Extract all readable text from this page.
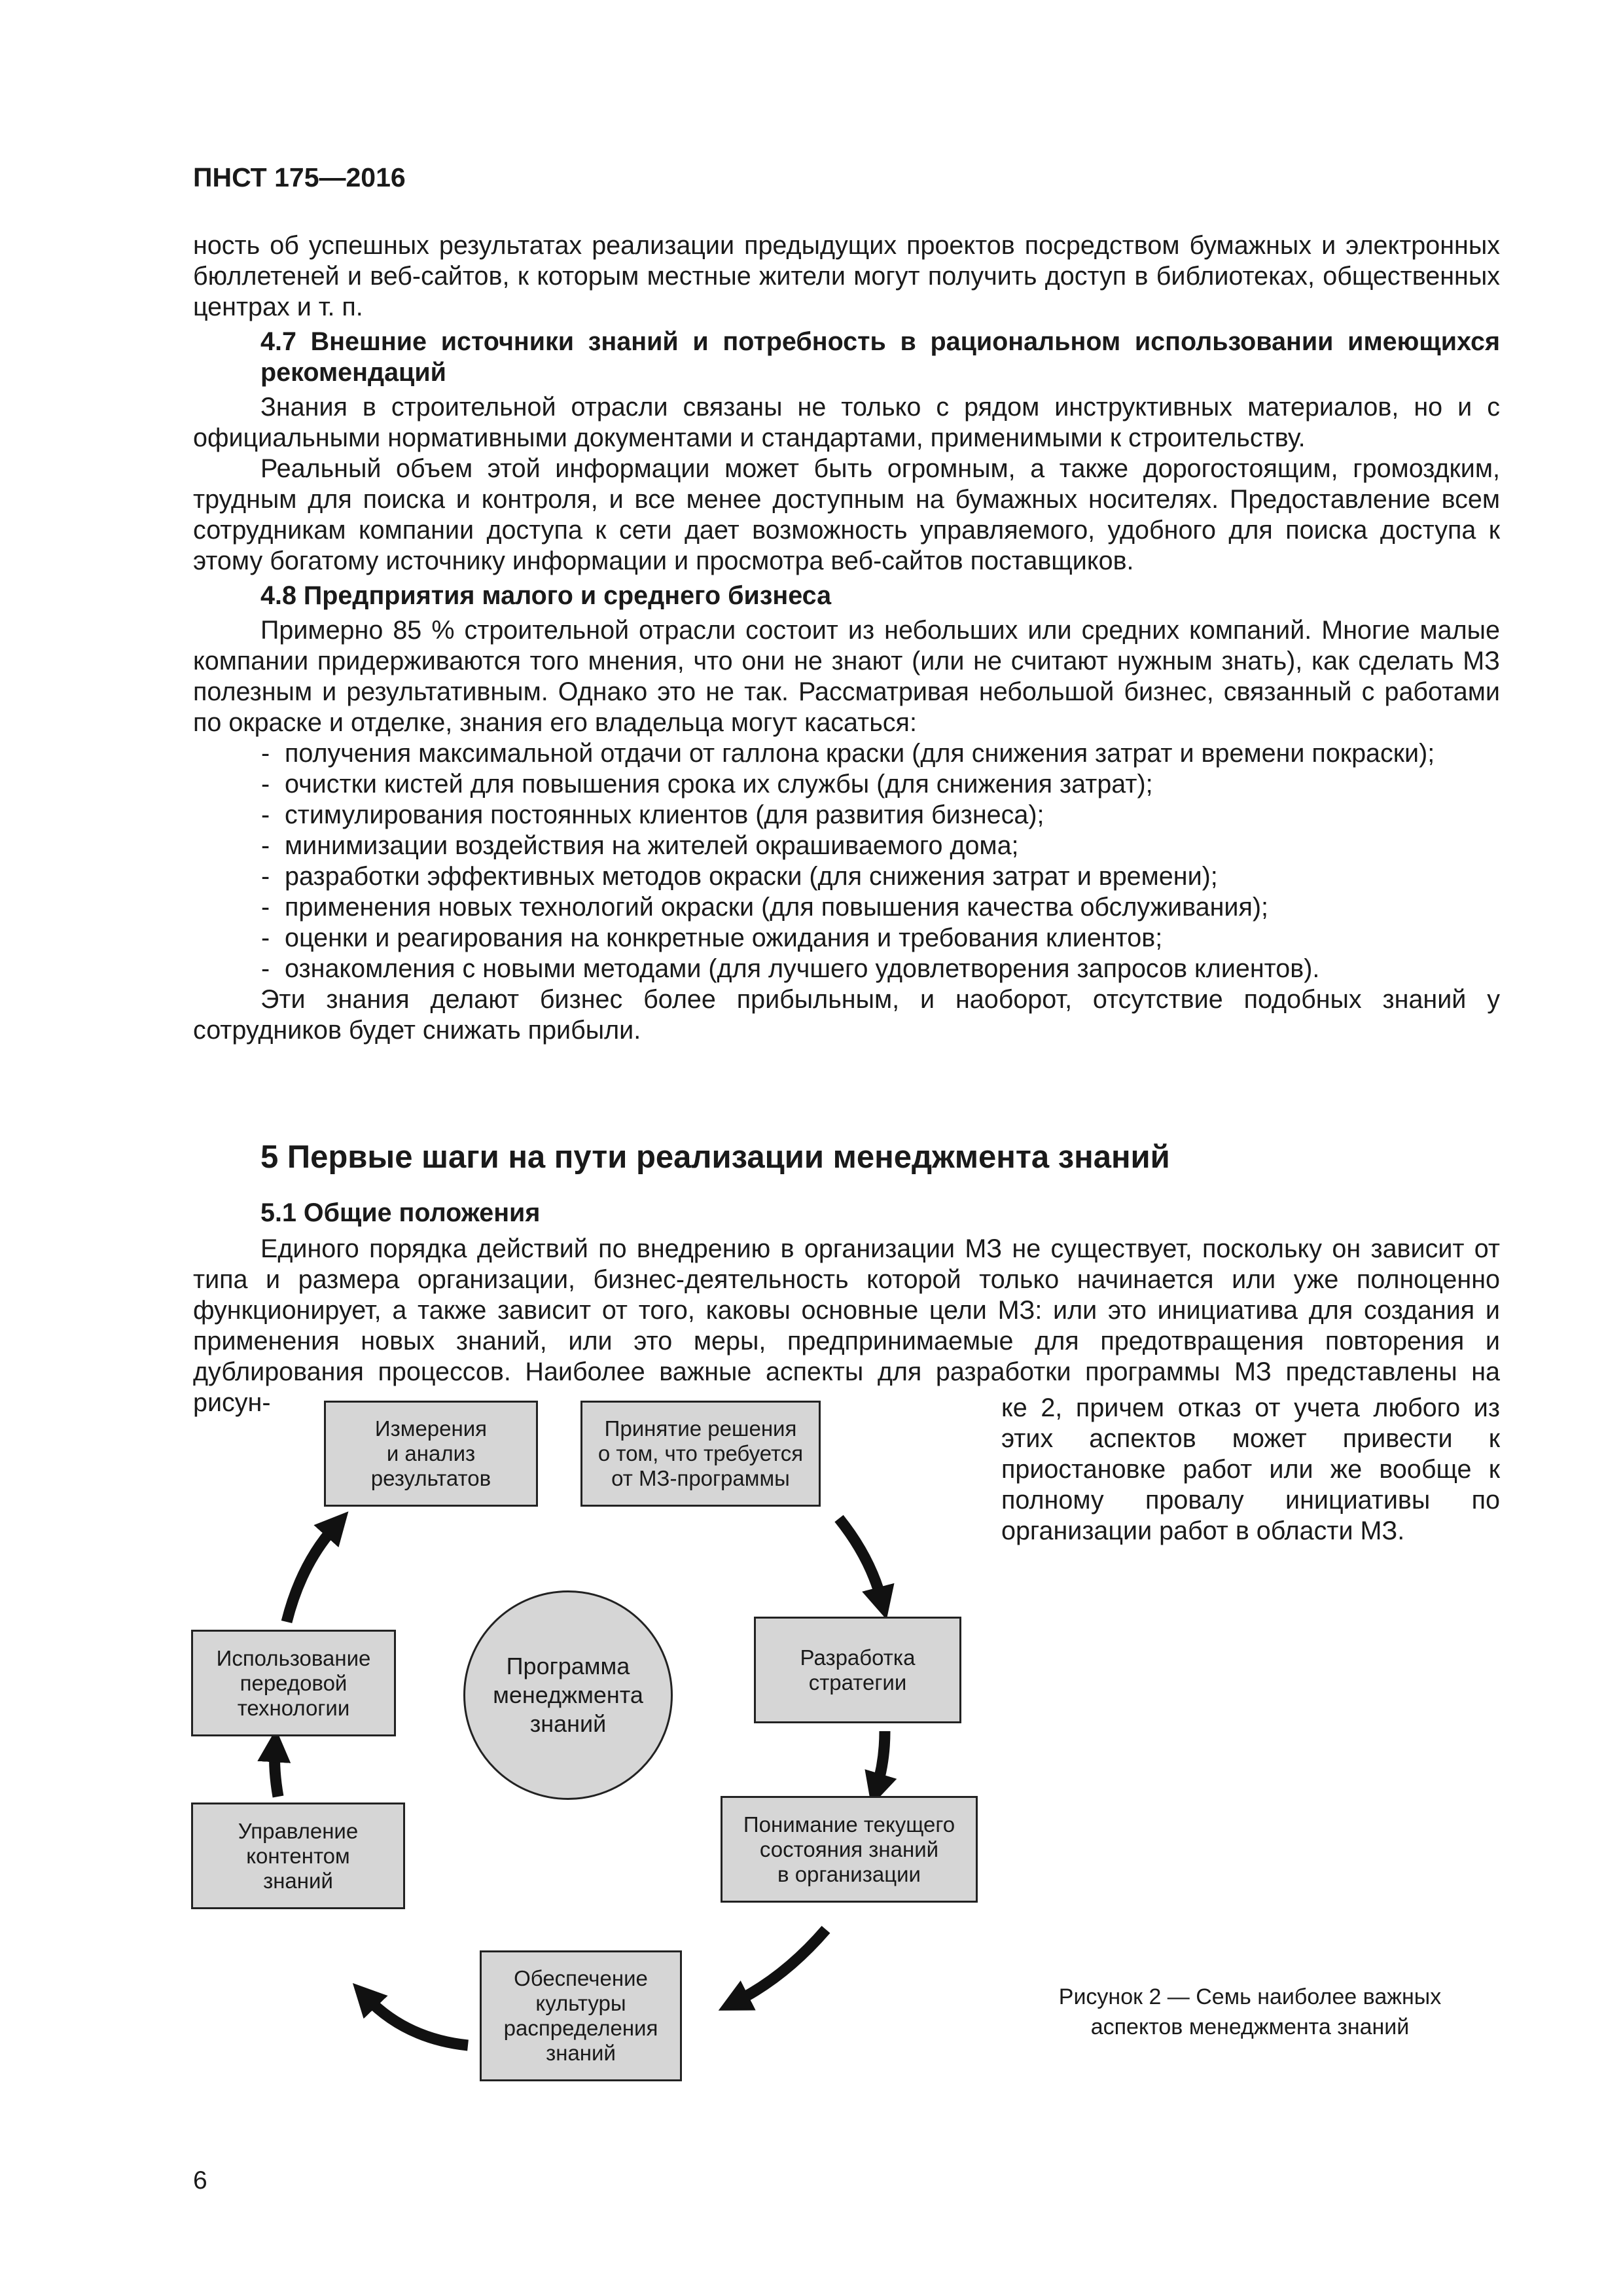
ПНСТ 175—2016

ность об успешных результатах реализации предыдущих проектов посредством бумажных и электронных бюллетеней и веб-сайтов, к которым местные жители могут получить доступ в библиотеках, общественных центрах и т. п.

4.7 Внешние источники знаний и потребность в рациональном использовании имеющихся рекомендаций

Знания в строительной отрасли связаны не только с рядом инструктивных материалов, но и с официальными нормативными документами и стандартами, применимыми к строительству.

Реальный объем этой информации может быть огромным, а также дорогостоящим, громоздким, трудным для поиска и контроля, и все менее доступным на бумажных носителях. Предоставление всем сотрудникам компании доступа к сети дает возможность управляемого, удобного для поиска доступа к этому богатому источнику информации и просмотра веб-сайтов поставщиков.

4.8 Предприятия малого и среднего бизнеса

Примерно 85 % строительной отрасли состоит из небольших или средних компаний. Многие малые компании придерживаются того мнения, что они не знают (или не считают нужным знать), как сделать МЗ полезным и результативным. Однако это не так. Рассматривая небольшой бизнес, связанный с работами по окраске и отделке, знания его владельца могут касаться:

- получения максимальной отдачи от галлона краски (для снижения затрат и времени покраски);
- очистки кистей для повышения срока их службы (для снижения затрат);
- стимулирования постоянных клиентов (для развития бизнеса);
- минимизации воздействия на жителей окрашиваемого дома;
- разработки эффективных методов окраски (для снижения затрат и времени);
- применения новых технологий окраски (для повышения качества обслуживания);
- оценки и реагирования на конкретные ожидания и требования клиентов;
- ознакомления с новыми методами (для лучшего удовлетворения запросов клиентов).

Эти знания делают бизнес более прибыльным, и наоборот, отсутствие подобных знаний у сотрудников будет снижать прибыли.

5 Первые шаги на пути реализации менеджмента знаний
5.1 Общие положения

Единого порядка действий по внедрению в организации МЗ не существует, поскольку он зависит от типа и размера организации, бизнес-деятельность которой только начинается или уже полноценно функционирует, а также зависит от того, каковы основные цели МЗ: или это инициатива для создания и применения новых знаний, или это меры, предпринимаемые для предотвращения повторения и дублирования процессов. Наиболее важные аспекты для разработки программы МЗ представлены на рисун-	ке 2, причем отказ от учета любого из этих аспектов может привести к приостановке работ или же вообще к полному провалу инициативы по организации работ в области МЗ.

Измерения
и анализ
результатов
Принятие решения
о том, что требуется
от МЗ-программы
Использование
передовой
технологии
Разработка
стратегии
Управление
контентом
знаний
Понимание текущего
состояния знаний
в организации
Обеспечение
культуры
распределения
знаний
Программа
менеджмента
знаний
Рисунок 2 — Семь наиболее важных
аспектов менеджмента знаний
6
